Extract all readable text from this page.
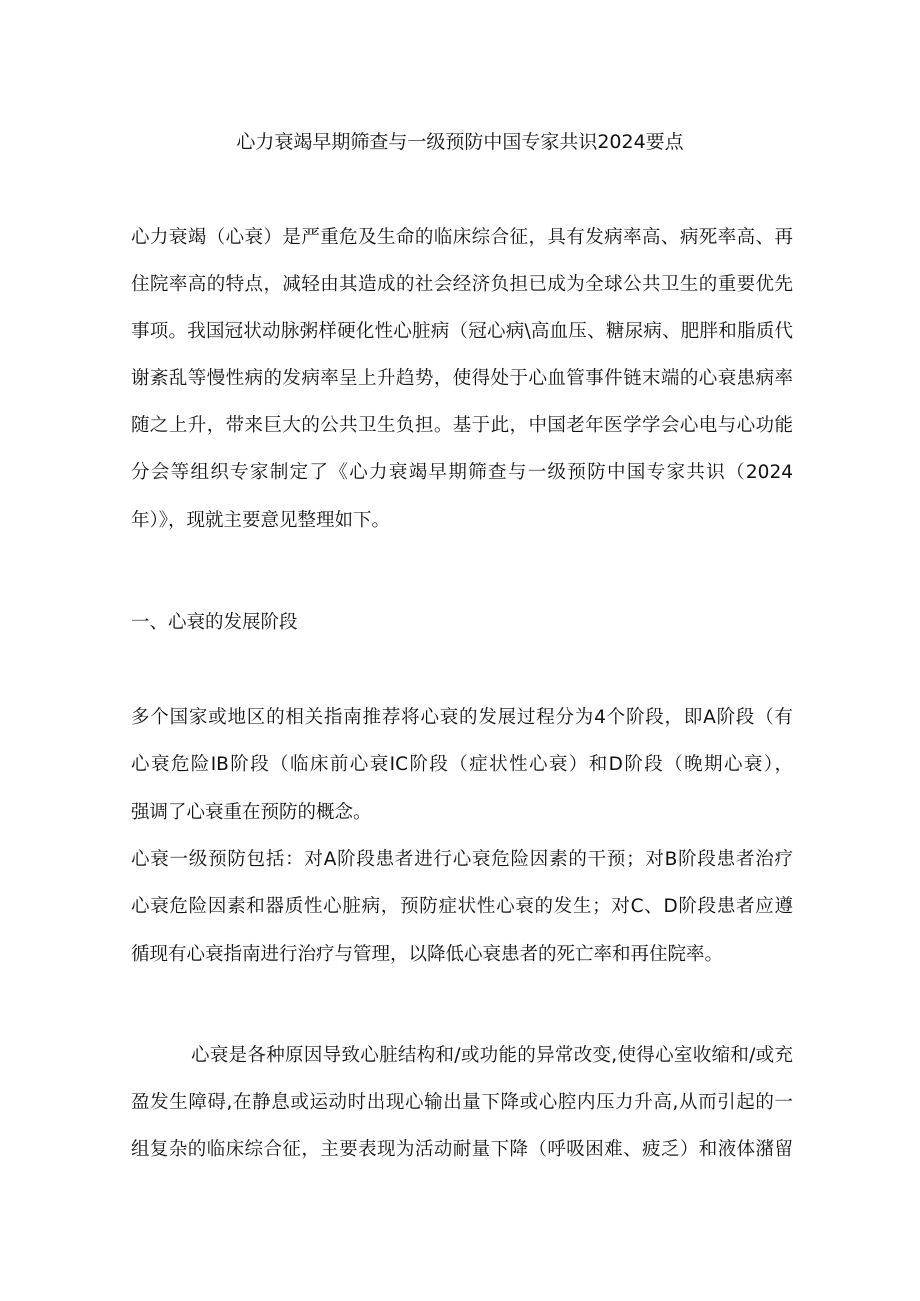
心力衰竭早期筛查与一级预防中国专家共识2024要点
心力衰竭（心衰）是严重危及生命的临床综合征，具有发病率高、病死率高、再
住院率高的特点，减轻由其造成的社会经济负担已成为全球公共卫生的重要优先
事项。我国冠状动脉粥样硬化性心脏病（冠心病\高血压、糖尿病、肥胖和脂质代
谢紊乱等慢性病的发病率呈上升趋势，使得处于心血管事件链末端的心衰患病率
随之上升，带来巨大的公共卫生负担。基于此，中国老年医学学会心电与心功能
分会等组织专家制定了《心力衰竭早期筛查与一级预防中国专家共识（2024
年）》，现就主要意见整理如下。
一、心衰的发展阶段
多个国家或地区的相关指南推荐将心衰的发展过程分为4个阶段，即A阶段（有
心衰危险IB阶段（临床前心衰IC阶段（症状性心衰）和D阶段（晚期心衰），
强调了心衰重在预防的概念。
心衰一级预防包括：对A阶段患者进行心衰危险因素的干预；对B阶段患者治疗
心衰危险因素和器质性心脏病，预防症状性心衰的发生；对C、D阶段患者应遵
循现有心衰指南进行治疗与管理，以降低心衰患者的死亡率和再住院率。
心衰是各种原因导致心脏结构和/或功能的异常改变,使得心室收缩和/或充
盈发生障碍,在静息或运动时出现心输出量下降或心腔内压力升高,从而引起的一
组复杂的临床综合征，主要表现为活动耐量下降（呼吸困难、疲乏）和液体潴留
